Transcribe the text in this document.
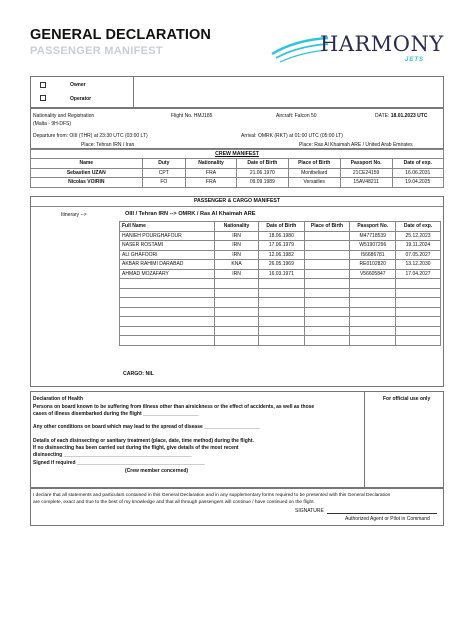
GENERAL DECLARATION
PASSENGER MANIFEST	HARMONY
JETS
Owner
Operator
Nationality and Registration
(Malta - 9H-DFS)
Flight No. HMJ185	Aircraft: Falcon 50	DATE: 18.01.2023 UTC
Departure from: OIII (THR) at 23:30 UTC (03:00 LT)	Arrival: OMRK (RKT) at 01:00 UTC (05:00 LT)
Place: Tehran IRN / Iran	Place: Ras Al Khaimah ARE / United Arab Emirates
CREW MANIFEST
Name	Duty	Nationality	Date of Birth	Place of Birth	Passport No.	Date of exp.
Sebastien UZAN	CPT	FRA	21.06.1970	Montbeliard	21CE24159	16.06.2031
Nicolas VOIRIN	FO	FRA	09.09.1989	Versailles	15AV48211	19.04.2025
PASSENGER & CARGO MANIFEST
Itinerary -->	OIII / Tehran IRN --> OMRK / Ras Al Khaimah ARE
Full Name	Nationality	Date of Birth	Place of Birth	Passport No.	Date of exp.
HANIEH POURGHAFOUR	IRN	18.06.1980		M47718539	25.12.2023
NASER ROSTAMI	IRN	17.06.1979		W51907296	19.11.2024
ALI GHAFOORI	IRN	12.06.1982		I56686781	07.05.2027
AKBAR RAHIMI DARABAD	KNA	26.05.1969		RE0102820	13.12.2030
AHMAD MOZAFARY	IRN	16.03.1971		V56605847	17.04.2027

CARGO: NIL
Declaration of Health
Persons on board known to be suffering from illness other than airsickness or the effect of accidents, as well as those
cases of illness disembarked during the flight ____________________
Any other conditions on board which may lead to the spread of disease ____________________
Details of each disinsecting or sanitary treatment (place, date, time method) during the flight.
If no disinsecting has been carried out during the flight, give details of the most recent
disinsecting ______________________________________________
Signed if required ______________________________________________
(Crew member concerned)
For official use only
I declare that all statements and particulars contained in this General Declaration and in any supplementary forms required to be presented with this General Declaration
are complete, exact and true to the best of my knowledge and that all through passengers will continue / have continued on the flight.
SIGNATURE
Authorized Agent or Pilot in Command
